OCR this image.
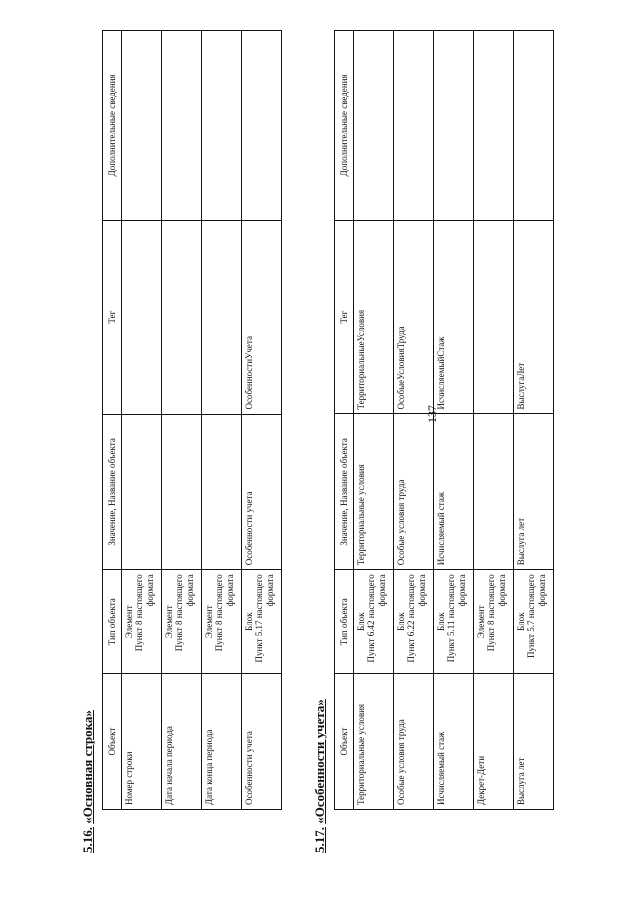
137
5.16. «Основная строка» Объект	Тип объекта	Значение, Название объекта	Тег	Дополнительные сведения
Номер строки	Элемент Пункт 8 настоящего формата			

Дата начала периода	Элемент Пункт 8 настоящего формата			

Дата конца периода	Элемент Пункт 8 настоящего формата			

Особенности учета	Блок Пункт 5.17 настоящего формата	Особенности учета	ОсобенностиУчета	
5.17. «Особенности учета» Объект	Тип объекта	Значение, Название объекта	Тег	Дополнительные сведения
Территориальные условия	Блок Пункт 6.42 настоящего формата	Территориальные условия	ТерриториальныеУсловия	
Особые условия труда	Блок Пункт 6.22 настоящего формата	Особые условия труда	ОсобыеУсловияТруда	
Исчисляемый стаж	Блок Пункт 5.11 настоящего формата	Исчисляемый стаж	ИсчисляемыйСтаж	
Декрет-Дети	Элемент Пункт 8 настоящего формата			

Выслуга лет	Блок Пункт 5.7 настоящего формата	Выслуга лет	ВыслугаЛет	
